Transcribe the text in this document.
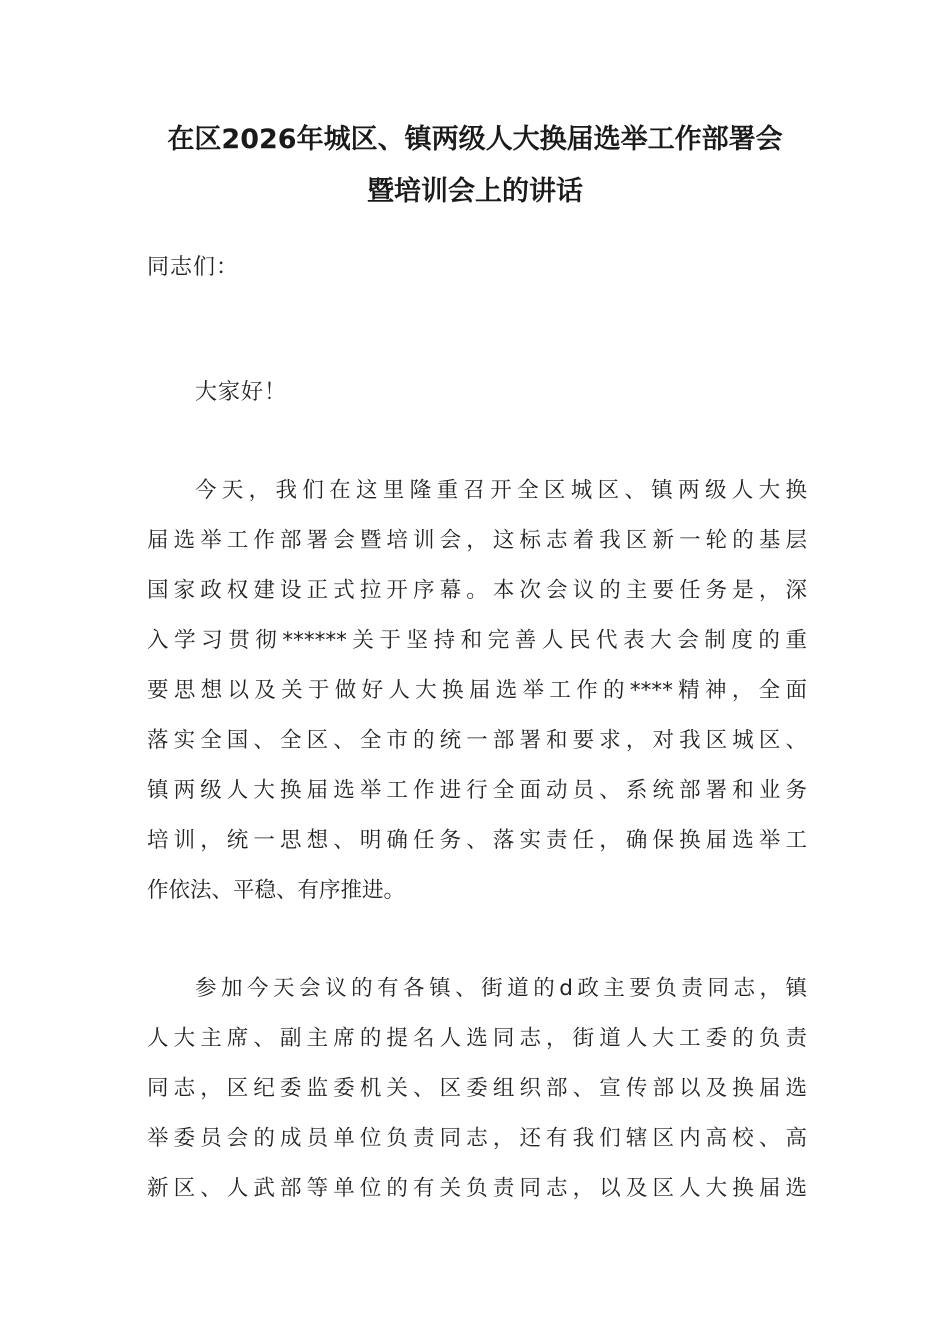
在区2026年城区、镇两级人大换届选举工作部署会
暨培训会上的讲话
同志们：
大家好！
今天，我们在这里隆重召开全区城区、镇两级人大换
届选举工作部署会暨培训会，这标志着我区新一轮的基层
国家政权建设正式拉开序幕。本次会议的主要任务是，深
入学习贯彻******关于坚持和完善人民代表大会制度的重
要思想以及关于做好人大换届选举工作的****精神，全面
落实全国、全区、全市的统一部署和要求，对我区城区、
镇两级人大换届选举工作进行全面动员、系统部署和业务
培训，统一思想、明确任务、落实责任，确保换届选举工
作依法、平稳、有序推进。
参加今天会议的有各镇、街道的d政主要负责同志，镇
人大主席、副主席的提名人选同志，街道人大工委的负责
同志，区纪委监委机关、区委组织部、宣传部以及换届选
举委员会的成员单位负责同志，还有我们辖区内高校、高
新区、人武部等单位的有关负责同志，以及区人大换届选
